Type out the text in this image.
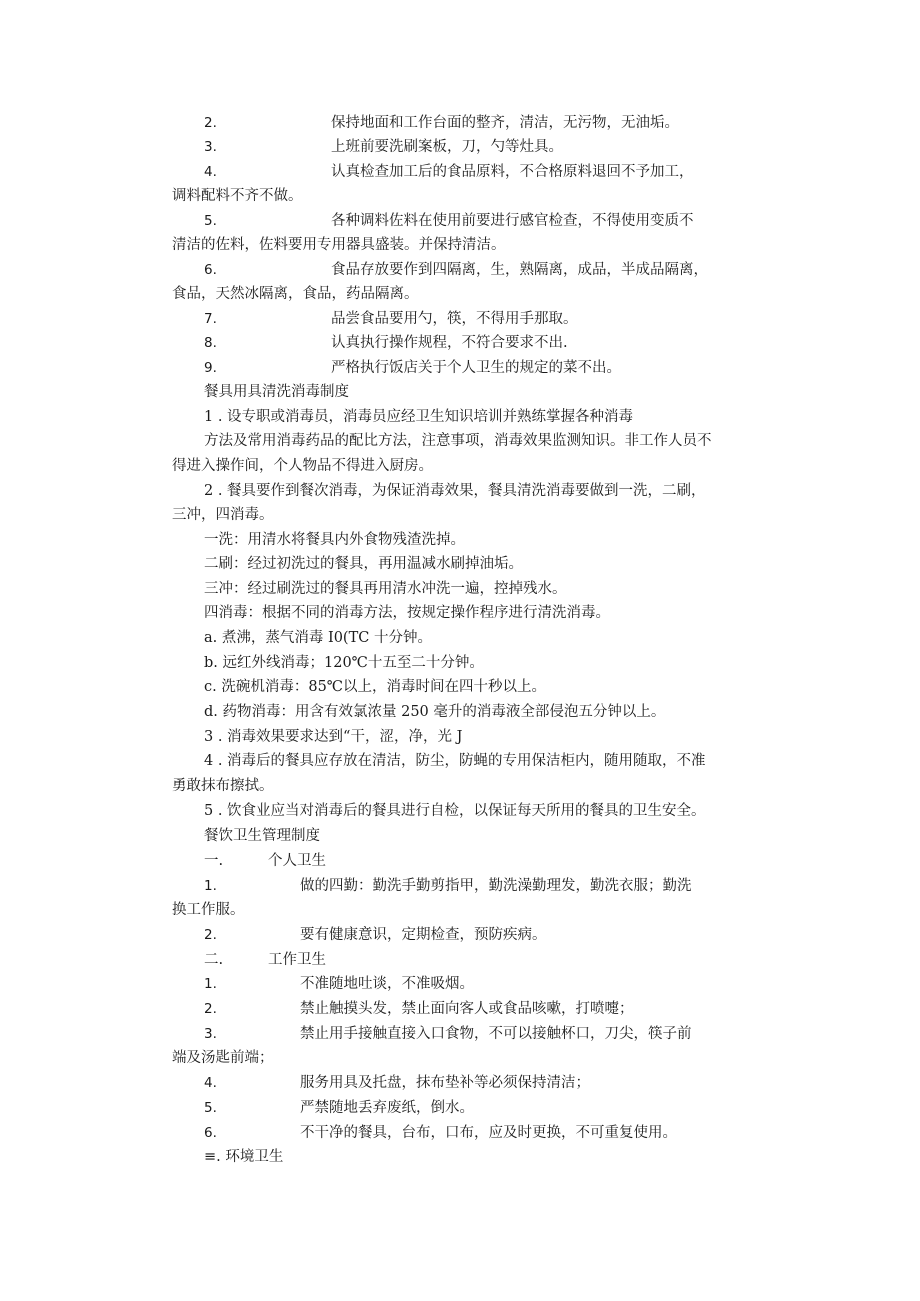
2.	保持地面和工作台面的整齐，清洁，无污物，无油垢。
3.	上班前要洗刷案板，刀，勺等灶具。
4.	认真检查加工后的食品原料，不合格原料退回不予加工，
调料配料不齐不做。
5.	各种调料佐料在使用前要进行感官检查，不得使用变质不
清洁的佐料，佐料要用专用器具盛装。并保持清洁。
6.	食品存放要作到四隔离，生，熟隔离，成品，半成品隔离，
食品，天然冰隔离，食品，药品隔离。
7.	品尝食品要用勺，筷，不得用手那取。
8.	认真执行操作规程，不符合要求不出.
9.	严格执行饭店关于个人卫生的规定的菜不出。
餐具用具清洗消毒制度
1 . 设专职或消毒员，消毒员应经卫生知识培训并熟练掌握各种消毒
方法及常用消毒药品的配比方法，注意事项，消毒效果监测知识。非工作人员不
得进入操作间，个人物品不得进入厨房。
2 . 餐具要作到餐次消毒，为保证消毒效果，餐具清洗消毒要做到一洗，二刷，
三冲，四消毒。
一洗：用清水将餐具内外食物残渣洗掉。
二刷：经过初洗过的餐具，再用温减水刷掉油垢。
三冲：经过刷洗过的餐具再用清水冲洗一遍，控掉残水。
四消毒：根据不同的消毒方法，按规定操作程序进行清洗消毒。
a. 煮沸，蒸气消毒 I0(TC 十分钟。
b. 远红外线消毒；120℃十五至二十分钟。
c. 洗碗机消毒：85℃以上，消毒时间在四十秒以上。
d. 药物消毒：用含有效氯浓量 250 毫升的消毒液全部侵泡五分钟以上。
3 . 消毒效果要求达到“干，涩，净，光 J
4 . 消毒后的餐具应存放在清洁，防尘，防蝇的专用保洁柜内，随用随取，不准
勇敢抹布擦拭。
5 . 饮食业应当对消毒后的餐具进行自检，以保证每天所用的餐具的卫生安全。
餐饮卫生管理制度
一.	个人卫生
1.	做的四勤：勤洗手勤剪指甲，勤洗澡勤理发，勤洗衣服；勤洗
换工作服。
2.	要有健康意识，定期检查，预防疾病。
二.	工作卫生
1.	不准随地吐谈，不准吸烟。
2.	禁止触摸头发，禁止面向客人或食品咳嗽，打喷嚏；
3.	禁止用手接触直接入口食物，不可以接触杯口，刀尖，筷子前
端及汤匙前端；
4.	服务用具及托盘，抹布垫补等必须保持清洁；
5.	严禁随地丢弃废纸，倒水。
6.	不干净的餐具，台布，口布，应及时更换，不可重复使用。
≡. 环境卫生
